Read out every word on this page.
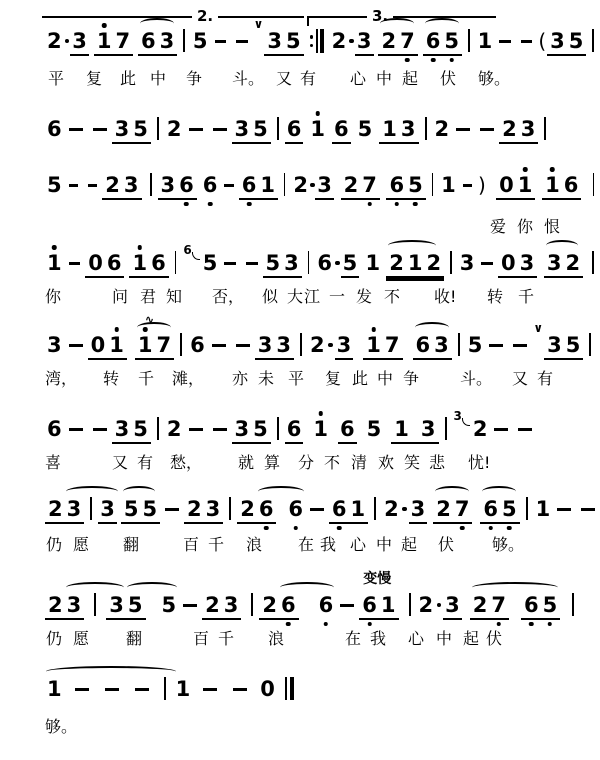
2.	3.
2 3 1 7 6 3 5
∨
3 5 2 3 2 7 6 5 1 ( 3 5
平 复 此 中 争 斗。 又 有 心 中 起 伏 够。
6	3 5 2	3 5 6 1 6 5 1 3 2	2 3
5 2 3 3 6 6 6 1 2 3 2 7 6 5 1 ) 0 1 1 6
爱 你 恨
1 0 6 1 6
6
5 5 3 6 5 1 2 1 2 3 0 3 3 2
你	问 君 知 否， 似 大 江 一 发 不 收! 转 千
3 0 1 1
∿
7 6	3 3 2 3 1 7 6 3 5
∨
3 5
湾， 转 千 滩， 亦 未 平 复 此 中 争	斗。 又 有
6	3 5 2	3 5 6 1 6 5 1 3
3
2
喜	又 有 愁， 就 算 分 不 清 欢 笑 悲 忧!
2 3 3 5 5 2 3 2 6 6 6 1 2 3 2 7 6 5 1
仍 愿 翻	百 千 浪 在 我 心 中 起 伏 够。
2 3 3 5 5 2 3 2 6 6 6 1
变慢
2 3 2 7 6 5
仍 愿 翻	百 千 浪	在 我 心 中 起 伏
1	1	0
够。
